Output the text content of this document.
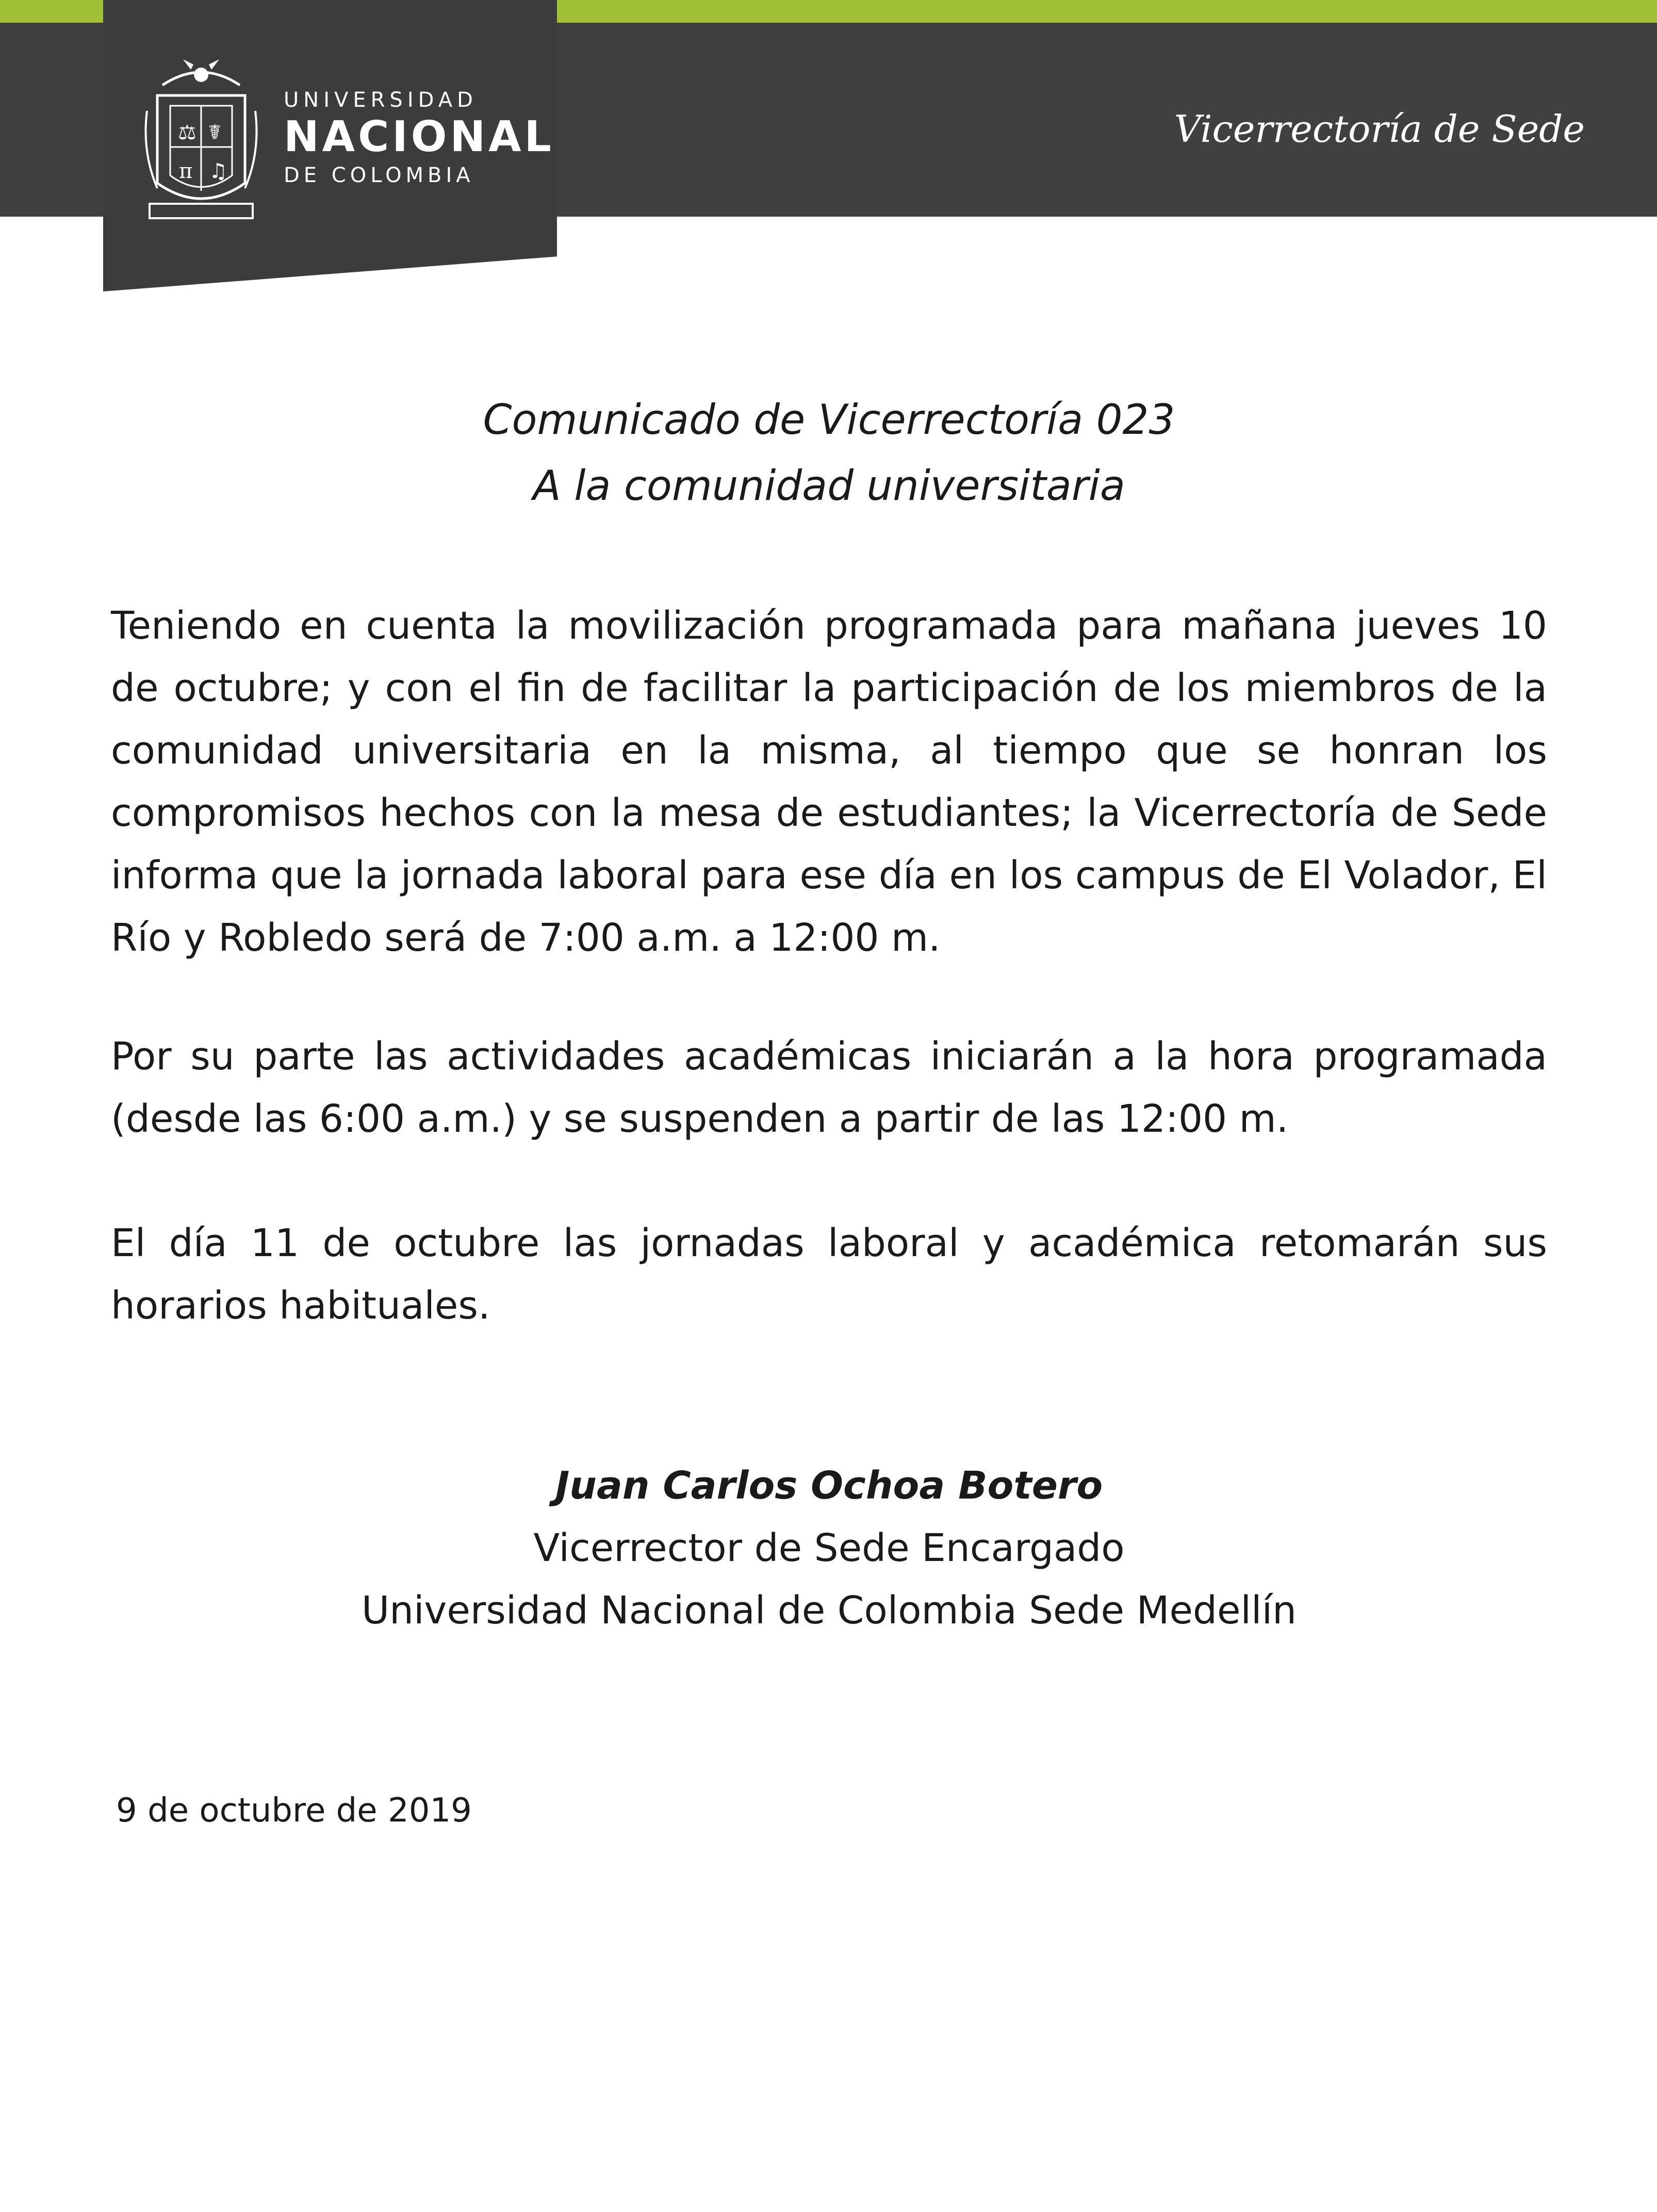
⚖ ☤
π ♫
UNIVERSIDAD
NACIONAL
DE COLOMBIA
Vicerrectoría de Sede
Comunicado de Vicerrectoría 023
A la comunidad universitaria

Teniendo en cuenta la movilización programada para mañana jueves 10 de octubre; y con el fin de facilitar la participación de los miembros de la comunidad universitaria en la misma, al tiempo que se honran los compromisos hechos con la mesa de estudiantes; la Vicerrectoría de Sede informa que la jornada laboral para ese día en los campus de El Volador, El Río y Robledo será de 7:00 a.m. a 12:00 m.

Por su parte las actividades académicas iniciarán a la hora programada (desde las 6:00 a.m.) y se suspenden a partir de las 12:00 m.

El día 11 de octubre las jornadas laboral y académica retomarán sus horarios habituales.

Juan Carlos Ochoa Botero
Vicerrector de Sede Encargado
Universidad Nacional de Colombia Sede Medellín
9 de octubre de 2019
